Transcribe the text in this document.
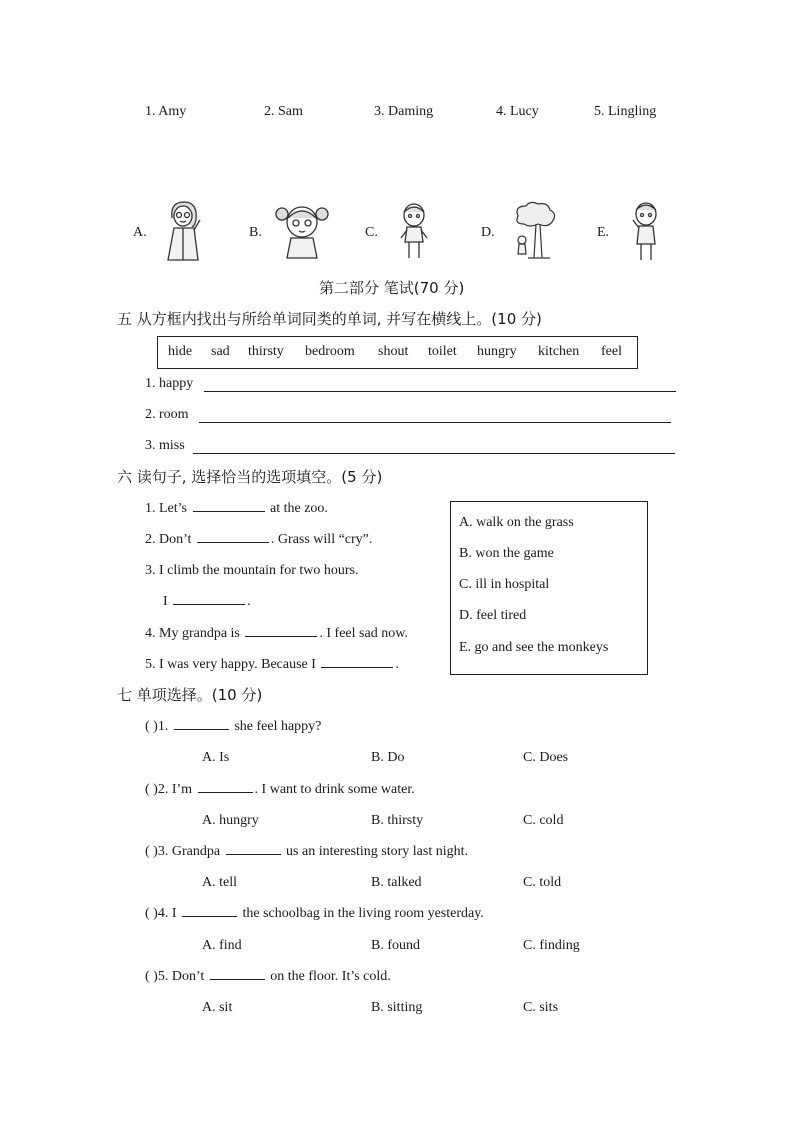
1. Amy	2. Sam	3. Daming	4. Lucy	5. Lingling
A.	B.	C.	D.	E.
第二部分 笔试(70 分)
五 从方框内找出与所给单词同类的单词, 并写在横线上。(10 分)
hide sad thirsty bedroom shout toilet hungry kitchen feel
1. happy
2. room
3. miss
六 读句子, 选择恰当的选项填空。(5 分)
1. Let’s	at the zoo.
2. Don’t	. Grass will “cry”.
3. I climb the mountain for two hours.
I	.
4. My grandpa is	. I feel sad now.
5. I was very happy. Because I	.
A. walk on the grass
B. won the game
C. ill in hospital
D. feel tired
E. go and see the monkeys
七 单项选择。(10 分)
( )1.	she feel happy?
A. Is	B. Do	C. Does
( )2. I’m	. I want to drink some water.
A. hungry	B. thirsty	C. cold
( )3. Grandpa	us an interesting story last night.
A. tell	B. talked	C. told
( )4. I	the schoolbag in the living room yesterday.
A. find	B. found	C. finding
( )5. Don’t	on the floor. It’s cold.
A. sit	B. sitting	C. sits
